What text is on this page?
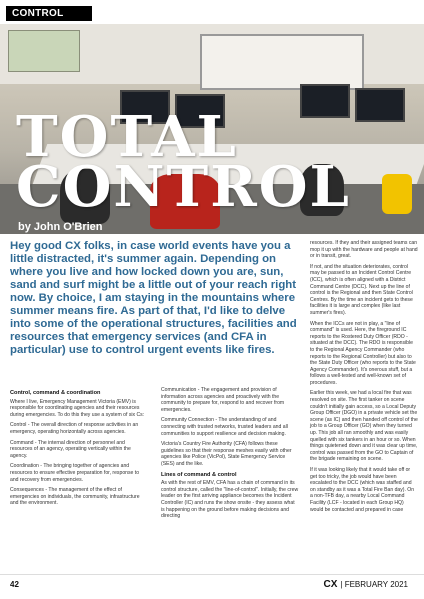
CONTROL
TOTAL
CONTROL

by John O'Brien

Hey good CX folks, in case world events have you a little distracted, it's summer again. Depending on where you live and how locked down you are, sun, sand and surf might be a little out of your reach right now. By choice, I am staying in the mountains where summer means fire. As part of that, I'd like to delve into some of the operational structures, facilities and resources that emergency services (and CFA in particular) use to control urgent events like fires.

Control, command & coordination

Where I live, Emergency Management Victoria (EMV) is responsible for coordinating agencies and their resources during emergencies. To do this they use a system of six Cs:

Control - The overall direction of response activities in an emergency, operating horizontally across agencies.

Command - The internal direction of personnel and resources of an agency, operating vertically within the agency.

Coordination - The bringing together of agencies and resources to ensure effective preparation for, response to and recovery from emergencies.

Consequences - The management of the effect of emergencies on individuals, the community, infrastructure and the environment.

Communication - The engagement and provision of information across agencies and proactively with the community to prepare for, respond to and recover from emergencies.

Community Connection - The understanding of and connecting with trusted networks, trusted leaders and all communities to support resilience and decision making.

Victoria's Country Fire Authority (CFA) follows these guidelines so that their response meshes easily with other agencies like Police (VicPol), State Emergency Service (SES) and the like.

Lines of command & control

As with the rest of EMV, CFA has a chain of command in its control structure, called the "line-of-control". Initially, the crew leader on the first arriving appliance becomes the Incident Controller (IC) and runs the show onsite - they assess what is happening on the ground before making decisions and directing

resources. If they and their assigned teams can mop it up with the hardware and people at hand or in transit, great.

If not, and the situation deteriorates, control may be passed to an Incident Control Centre (ICC), which is often aligned with a District Command Centre (DCC). Next up the line of control is the Regional and then State Control Centres. By the time an incident gets to these facilities it is large and complex (like last summer's fires).

When the ICCs are not in play, a "line of command" is used. Here, the fireground IC reports to the Rostered Duty Officer (RDO - situated at the DCC). The RDO is responsible to the Regional Agency Commander (who reports to the Regional Controller) but also to the State Duty Officer (who reports to the State Agency Commander). It's onerous stuff, but a follows a well-tested and well-known set of procedures.

Earlier this week, we had a local fire that was resolved on site. The first tanker on scene couldn't initially gain access, so a Local Deputy Group Officer (DGO) in a private vehicle set the scene (as IC) and then handed off control of the job to a Group Officer (GO) when they turned up. This job all ran smoothly and was easily quelled with six tankers in an hour or so. When things quietened down and it was clear up time, control was passed from the GO to Captain of the brigade remaining on scene.

If it was looking likely that it would take off or get too tricky, the job would have been escalated to the DCC (which was staffed and on standby as it was a Total Fire Ban day). On a non-TFB day, a nearby Local Command Facility (LCF - located in each Group HQ) would be contacted and prepared in case

42	CX | FEBRUARY 2021
